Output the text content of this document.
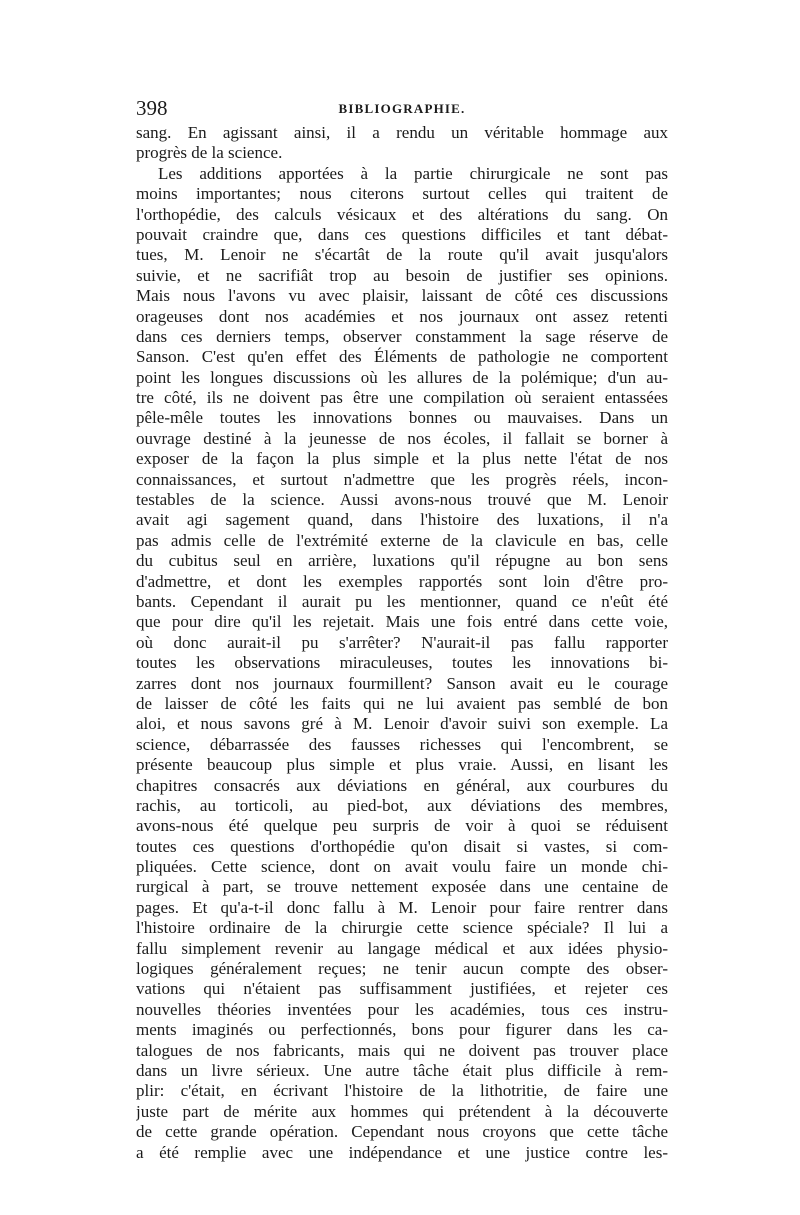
398	BIBLIOGRAPHIE.
sang. En agissant ainsi, il a rendu un véritable hommage aux
progrès de la science.
Les additions apportées à la partie chirurgicale ne sont pas
moins importantes; nous citerons surtout celles qui traitent de
l'orthopédie, des calculs vésicaux et des altérations du sang. On
pouvait craindre que, dans ces questions difficiles et tant débat-
tues, M. Lenoir ne s'écartât de la route qu'il avait jusqu'alors
suivie, et ne sacrifiât trop au besoin de justifier ses opinions.
Mais nous l'avons vu avec plaisir, laissant de côté ces discussions
orageuses dont nos académies et nos journaux ont assez retenti
dans ces derniers temps, observer constamment la sage réserve de
Sanson. C'est qu'en effet des Éléments de pathologie ne comportent
point les longues discussions où les allures de la polémique; d'un au-
tre côté, ils ne doivent pas être une compilation où seraient entassées
pêle-mêle toutes les innovations bonnes ou mauvaises. Dans un
ouvrage destiné à la jeunesse de nos écoles, il fallait se borner à
exposer de la façon la plus simple et la plus nette l'état de nos
connaissances, et surtout n'admettre que les progrès réels, incon-
testables de la science. Aussi avons-nous trouvé que M. Lenoir
avait agi sagement quand, dans l'histoire des luxations, il n'a
pas admis celle de l'extrémité externe de la clavicule en bas, celle
du cubitus seul en arrière, luxations qu'il répugne au bon sens
d'admettre, et dont les exemples rapportés sont loin d'être pro-
bants. Cependant il aurait pu les mentionner, quand ce n'eût été
que pour dire qu'il les rejetait. Mais une fois entré dans cette voie,
où donc aurait-il pu s'arrêter? N'aurait-il pas fallu rapporter
toutes les observations miraculeuses, toutes les innovations bi-
zarres dont nos journaux fourmillent? Sanson avait eu le courage
de laisser de côté les faits qui ne lui avaient pas semblé de bon
aloi, et nous savons gré à M. Lenoir d'avoir suivi son exemple. La
science, débarrassée des fausses richesses qui l'encombrent, se
présente beaucoup plus simple et plus vraie. Aussi, en lisant les
chapitres consacrés aux déviations en général, aux courbures du
rachis, au torticoli, au pied-bot, aux déviations des membres,
avons-nous été quelque peu surpris de voir à quoi se réduisent
toutes ces questions d'orthopédie qu'on disait si vastes, si com-
pliquées. Cette science, dont on avait voulu faire un monde chi-
rurgical à part, se trouve nettement exposée dans une centaine de
pages. Et qu'a-t-il donc fallu à M. Lenoir pour faire rentrer dans
l'histoire ordinaire de la chirurgie cette science spéciale? Il lui a
fallu simplement revenir au langage médical et aux idées physio-
logiques généralement reçues; ne tenir aucun compte des obser-
vations qui n'étaient pas suffisamment justifiées, et rejeter ces
nouvelles théories inventées pour les académies, tous ces instru-
ments imaginés ou perfectionnés, bons pour figurer dans les ca-
talogues de nos fabricants, mais qui ne doivent pas trouver place
dans un livre sérieux. Une autre tâche était plus difficile à rem-
plir: c'était, en écrivant l'histoire de la lithotritie, de faire une
juste part de mérite aux hommes qui prétendent à la découverte
de cette grande opération. Cependant nous croyons que cette tâche
a été remplie avec une indépendance et une justice contre les-
